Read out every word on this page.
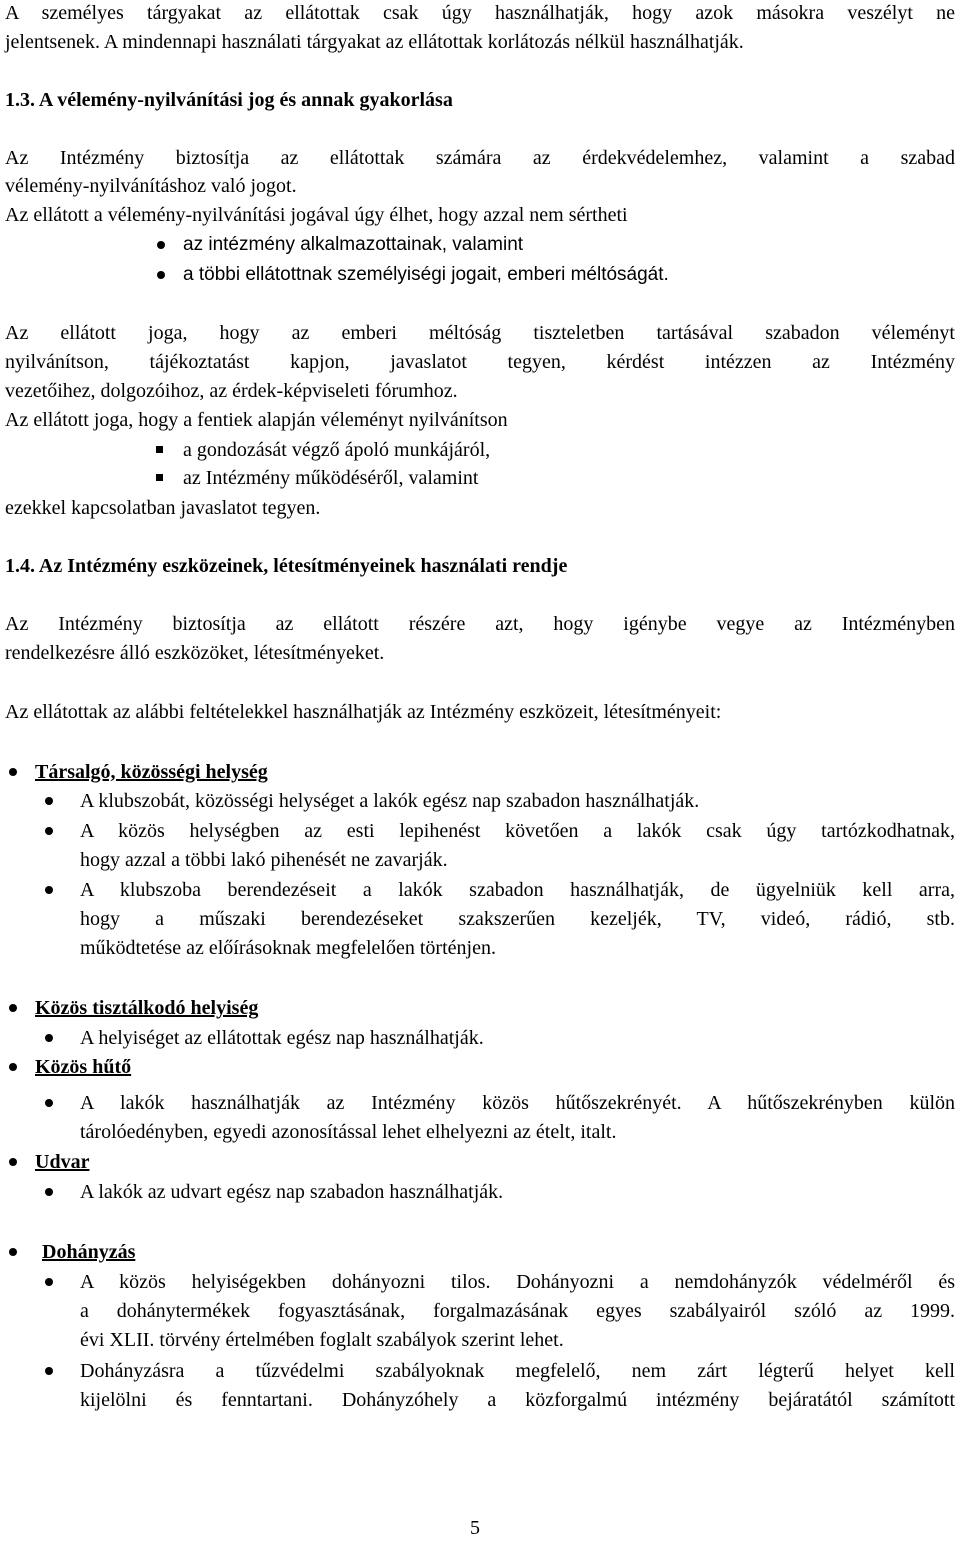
A személyes tárgyakat az ellátottak csak úgy használhatják, hogy azok másokra veszélyt ne
jelentsenek. A mindennapi használati tárgyakat az ellátottak korlátozás nélkül használhatják.
1.3. A vélemény-nyilvánítási jog és annak gyakorlása
Az Intézmény biztosítja az ellátottak számára az érdekvédelemhez, valamint a szabad
vélemény-nyilvánításhoz való jogot.
Az ellátott a vélemény-nyilvánítási jogával úgy élhet, hogy azzal nem sértheti
az intézmény alkalmazottainak, valamint
a többi ellátottnak személyiségi jogait, emberi méltóságát.
Az ellátott joga, hogy az emberi méltóság tiszteletben tartásával szabadon véleményt
nyilvánítson, tájékoztatást kapjon, javaslatot tegyen, kérdést intézzen az Intézmény
vezetőihez, dolgozóihoz, az érdek-képviseleti fórumhoz.
Az ellátott joga, hogy a fentiek alapján véleményt nyilvánítson
a gondozását végző ápoló munkájáról,
az Intézmény működéséről, valamint
ezekkel kapcsolatban javaslatot tegyen.
1.4. Az Intézmény eszközeinek, létesítményeinek használati rendje
Az Intézmény biztosítja az ellátott részére azt, hogy igénybe vegye az Intézményben
rendelkezésre álló eszközöket, létesítményeket.
Az ellátottak az alábbi feltételekkel használhatják az Intézmény eszközeit, létesítményeit:
Társalgó, közösségi helység
A klubszobát, közösségi helységet a lakók egész nap szabadon használhatják.
A közös helységben az esti lepihenést követően a lakók csak úgy tartózkodhatnak,
hogy azzal a többi lakó pihenését ne zavarják.
A klubszoba berendezéseit a lakók szabadon használhatják, de ügyelniük kell arra,
hogy a műszaki berendezéseket szakszerűen kezeljék, TV, videó, rádió, stb.
működtetése az előírásoknak megfelelően történjen.
Közös tisztálkodó helyiség
A helyiséget az ellátottak egész nap használhatják.
Közös hűtő
A lakók használhatják az Intézmény közös hűtőszekrényét. A hűtőszekrényben külön
tárolóedényben, egyedi azonosítással lehet elhelyezni az ételt, italt.
Udvar
A lakók az udvart egész nap szabadon használhatják.
Dohányzás
A közös helyiségekben dohányozni tilos. Dohányozni a nemdohányzók védelméről és
a dohánytermékek fogyasztásának, forgalmazásának egyes szabályairól szóló az 1999.
évi XLII. törvény értelmében foglalt szabályok szerint lehet.
Dohányzásra a tűzvédelmi szabályoknak megfelelő, nem zárt légterű helyet kell
kijelölni és fenntartani. Dohányzóhely a közforgalmú intézmény bejáratától számított
5
